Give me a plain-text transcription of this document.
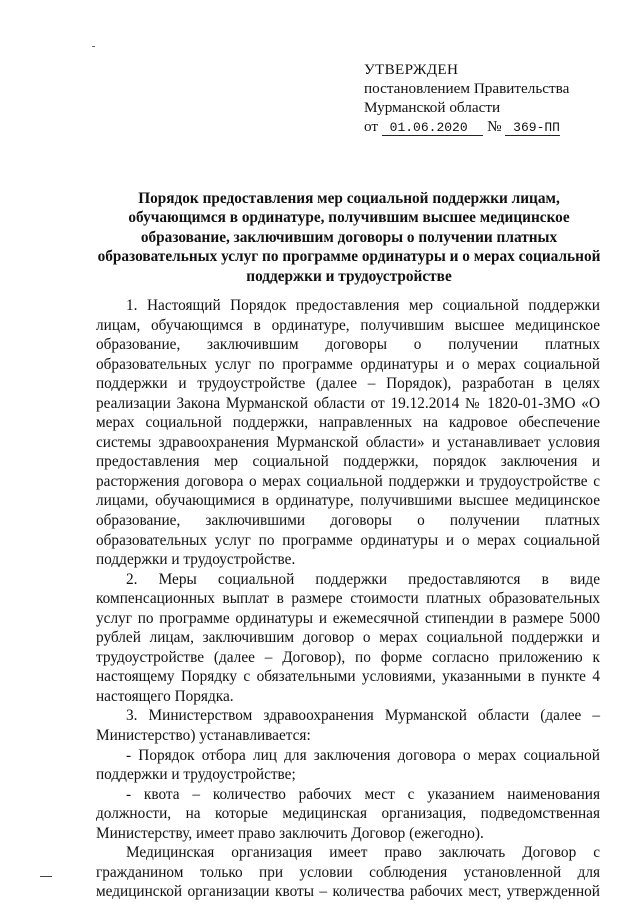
УТВЕРЖДЕН
постановлением Правительства
Мурманской области
от 01.06.2020 № 369-ПП
Порядок предоставления мер социальной поддержки лицам,
обучающимся в ординатуре, получившим высшее медицинское
образование, заключившим договоры о получении платных
образовательных услуг по программе ординатуры и о мерах социальной
поддержки и трудоустройстве

1. Настоящий Порядок предоставления мер социальной поддержки лицам, обучающимся в ординатуре, получившим высшее медицинское образование, заключившим договоры о получении платных образовательных услуг по программе ординатуры и о мерах социальной поддержки и трудоустройстве (далее – Порядок), разработан в целях реализации Закона Мурманской области от 19.12.2014 № 1820-01-ЗМО «О мерах социальной поддержки, направленных на кадровое обеспечение системы здравоохранения Мурманской области» и устанавливает условия предоставления мер социальной поддержки, порядок заключения и расторжения договора о мерах социальной поддержки и трудоустройстве с лицами, обучающимися в ординатуре, получившими высшее медицинское образование, заключившими договоры о получении платных образовательных услуг по программе ординатуры и о мерах социальной поддержки и трудоустройстве.

2. Меры социальной поддержки предоставляются в виде компенсационных выплат в размере стоимости платных образовательных услуг по программе ординатуры и ежемесячной стипендии в размере 5000 рублей лицам, заключившим договор о мерах социальной поддержки и трудоустройстве (далее – Договор), по форме согласно приложению к настоящему Порядку с обязательными условиями, указанными в пункте 4 настоящего Порядка.

3. Министерством здравоохранения Мурманской области (далее – Министерство) устанавливается:

- Порядок отбора лиц для заключения договора о мерах социальной поддержки и трудоустройстве;

- квота – количество рабочих мест с указанием наименования должности, на которые медицинская организация, подведомственная Министерству, имеет право заключить Договор (ежегодно).

Медицинская организация имеет право заключать Договор с гражданином только при условии соблюдения установленной для медицинской организации квоты – количества рабочих мест, утвержденной
